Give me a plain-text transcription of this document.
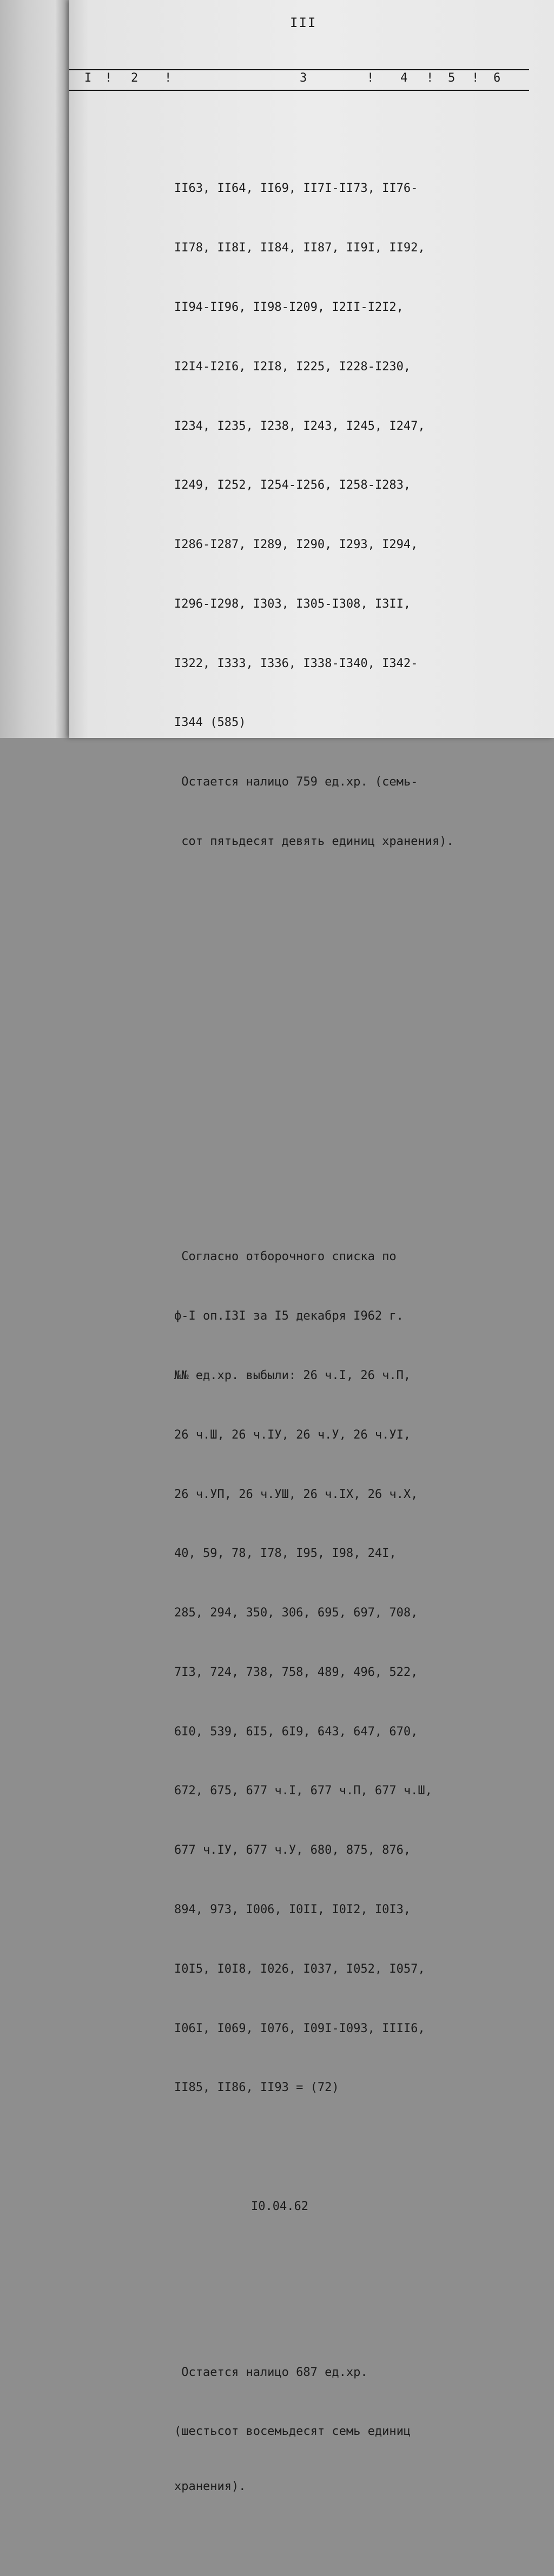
III
I ! 2 !	3	! 4 ! 5 ! 6

II63, II64, II69, II7I-II73, II76-

II78, II8I, II84, II87, II9I, II92,

II94-II96, II98-I209, I2II-I2I2,

I2I4-I2I6, I2I8, I225, I228-I230,

I234, I235, I238, I243, I245, I247,

I249, I252, I254-I256, I258-I283,

I286-I287, I289, I290, I293, I294,

I296-I298, I303, I305-I308, I3II,

I322, I333, I336, I338-I340, I342-

I344 (585)

Остается налицо 759 ед.хр. (семь-

сот пятьдесят девять единиц хранения).

Согласно отборочного списка по

ф-I оп.I3I за I5 декабря I962 г.

№№ ед.хр. выбыли: 26 ч.I, 26 ч.П,

26 ч.Ш, 26 ч.IУ, 26 ч.У, 26 ч.УI,

26 ч.УП, 26 ч.УШ, 26 ч.IX, 26 ч.X,

40, 59, 78, I78, I95, I98, 24I,

285, 294, 350, 306, 695, 697, 708,

7I3, 724, 738, 758, 489, 496, 522,

6I0, 539, 6I5, 6I9, 643, 647, 670,

672, 675, 677 ч.I, 677 ч.П, 677 ч.Ш,

677 ч.IУ, 677 ч.У, 680, 875, 876,

894, 973, I006, I0II, I0I2, I0I3,

I0I5, I0I8, I026, I037, I052, I057,

I06I, I069, I076, I09I-I093, IIII6,

II85, II86, II93 = (72)

I0.04.62

Остается налицо 687 ед.хр.

(шестьсот восемьдесят семь единиц

хранения).
